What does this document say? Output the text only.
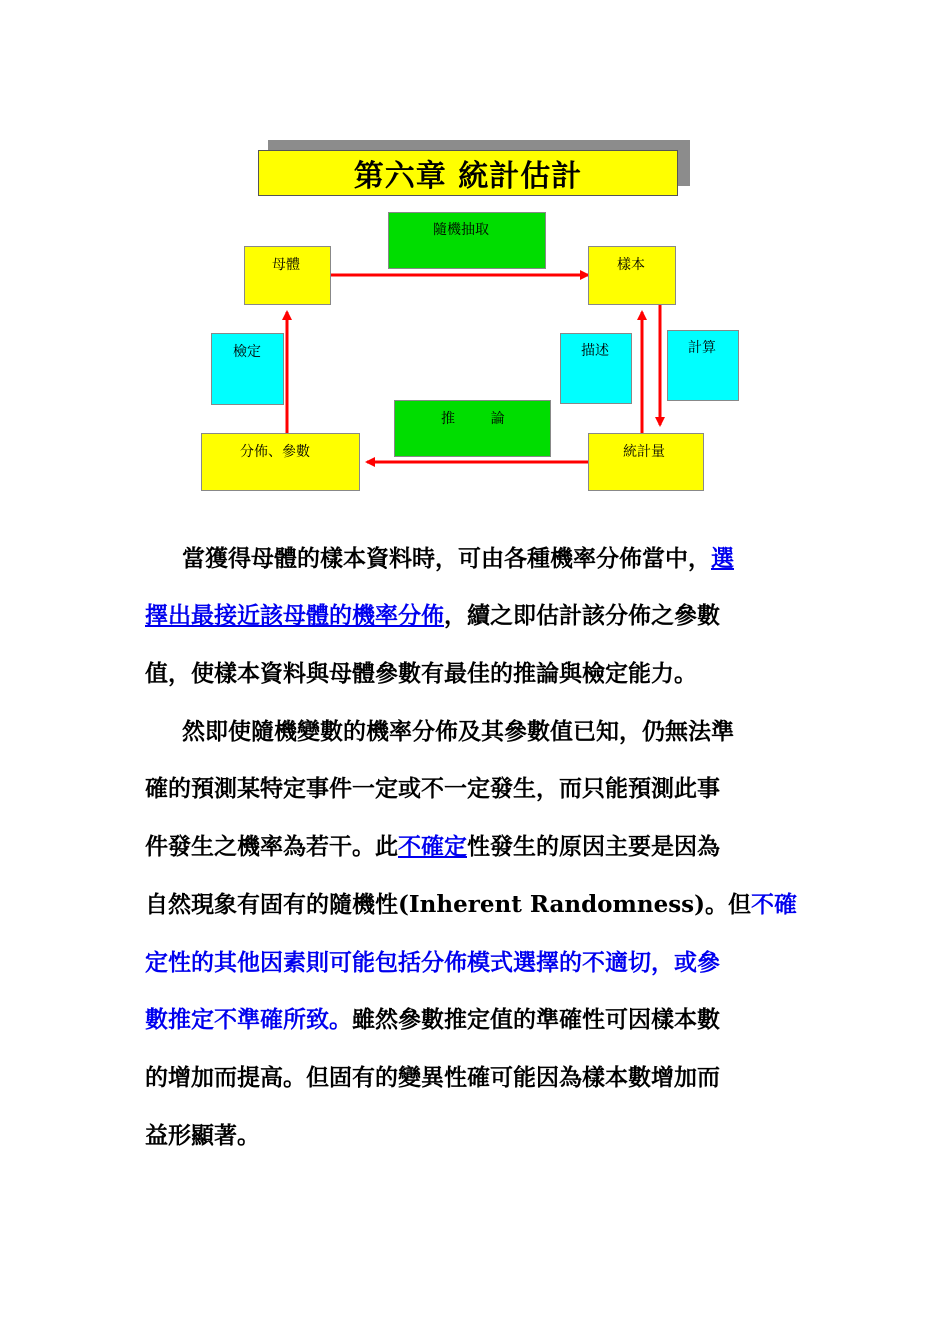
第六章 統計估計
母體
隨機抽取
樣本
檢定	描述	計算
推        論
分佈、參數	統計量
當獲得母體的樣本資料時，可由各種機率分佈當中，選
擇出最接近該母體的機率分佈，續之即估計該分佈之參數
值，使樣本資料與母體參數有最佳的推論與檢定能力。
然即使隨機變數的機率分佈及其參數值已知，仍無法準
確的預測某特定事件一定或不一定發生，而只能預測此事
件發生之機率為若干。此不確定性發生的原因主要是因為
自然現象有固有的隨機性(Inherent Randomness)。但不確
定性的其他因素則可能包括分佈模式選擇的不適切，或參
數推定不準確所致。雖然參數推定值的準確性可因樣本數
的增加而提高。但固有的變異性確可能因為樣本數增加而
益形顯著。
